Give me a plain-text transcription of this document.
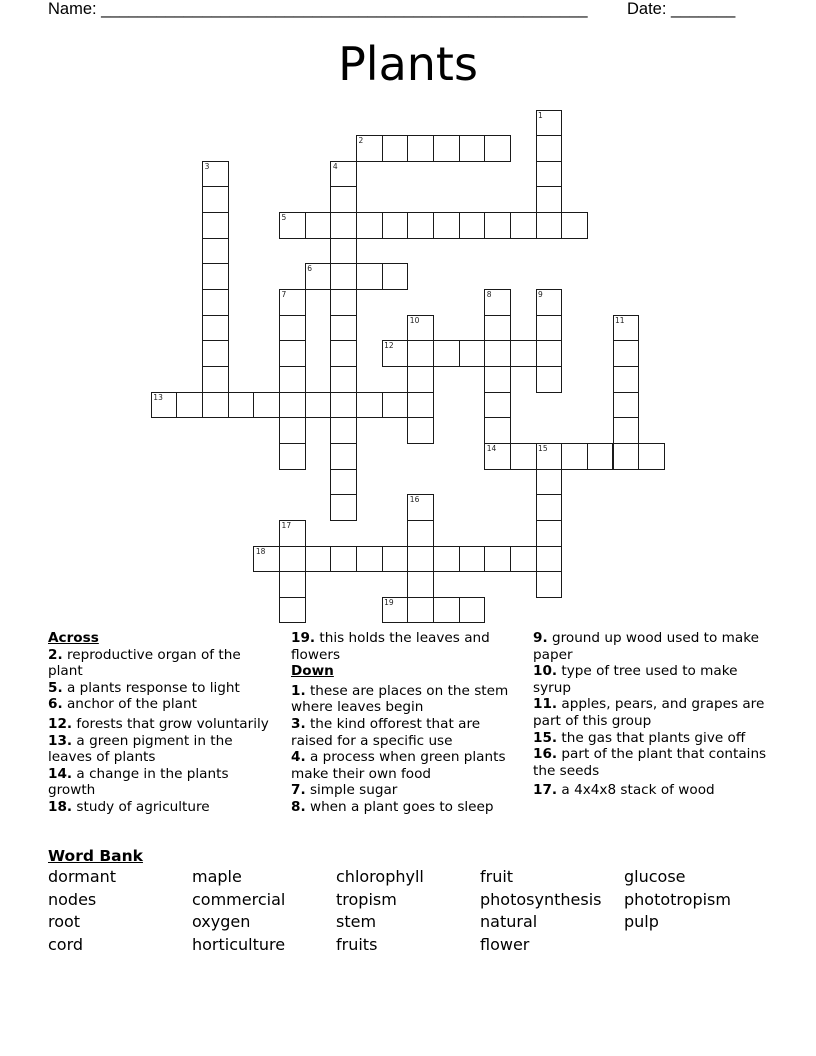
Name: _____________________________________________________ Date: _______
Plants
1
2
3	4
5
6
7	8
14
9
10	11
12
13
15
16
17
18
19
Across
2. reproductive organ of the plant
5. a plants response to light
6. anchor of the plant
12. forests that grow voluntarily
13. a green pigment in the leaves of plants
14. a change in the plants growth
18. study of agriculture
19. this holds the leaves and flowers
Down
1. these are places on the stem where leaves begin
3. the kind offorest that are raised for a specific use
4. a process when green plants make their own food
7. simple sugar
8. when a plant goes to sleep
9. ground up wood used to make paper
10. type of tree used to make syrup
11. apples, pears, and grapes are part of this group
15. the gas that plants give off
16. part of the plant that contains the seeds
17. a 4x4x8 stack of wood
Word Bank
dormant	maple	chlorophyll	fruit	glucose
nodes	commercial	tropism	photosynthesis	phototropism
root	oxygen	stem	natural	pulp
cord	horticulture	fruits	flower
